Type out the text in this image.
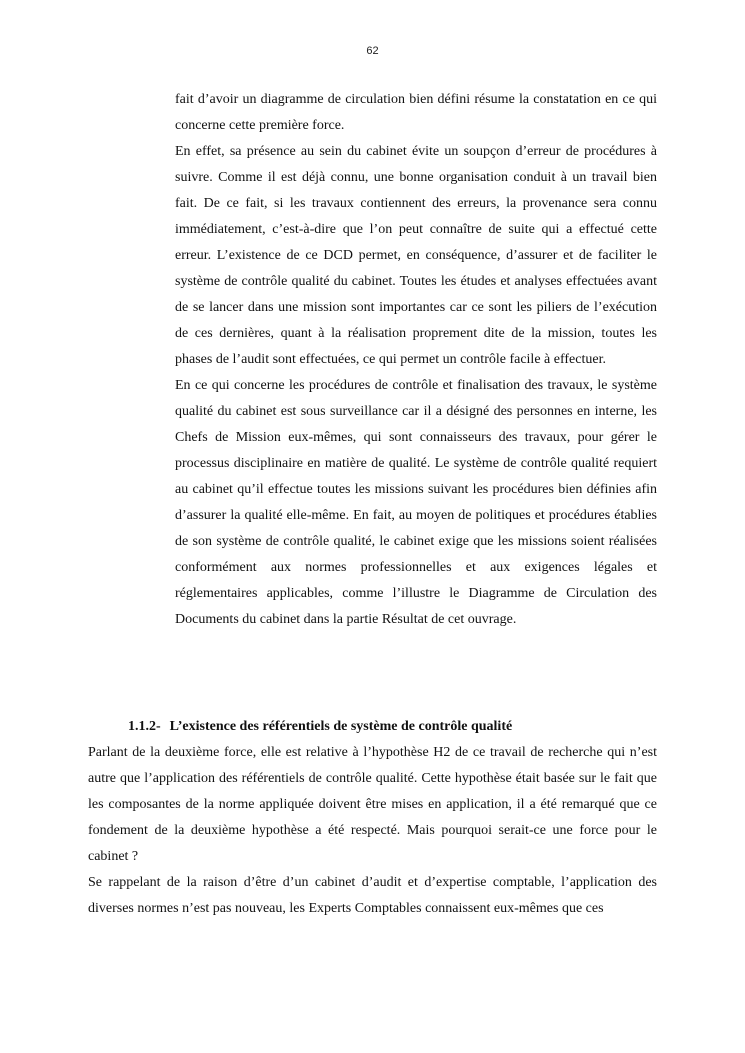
62

fait d’avoir un diagramme de circulation bien défini résume la constatation en ce qui concerne cette première force.

En effet, sa présence au sein du cabinet évite un soupçon d’erreur de procédures à suivre. Comme il est déjà connu, une bonne organisation conduit à un travail bien fait. De ce fait, si les travaux contiennent des erreurs, la provenance sera connu immédiatement, c’est-à-dire que l’on peut connaître de suite qui a effectué cette erreur. L’existence de ce DCD permet, en conséquence, d’assurer et de faciliter le système de contrôle qualité du cabinet. Toutes les études et analyses effectuées avant de se lancer dans une mission sont importantes car ce sont les piliers de l’exécution de ces dernières, quant à la réalisation proprement dite de la mission, toutes les phases de l’audit sont effectuées, ce qui permet un contrôle facile à effectuer.

En ce qui concerne les procédures de contrôle et finalisation des travaux, le système qualité du cabinet est sous surveillance car il a désigné des personnes en interne, les Chefs de Mission eux-mêmes, qui sont connaisseurs des travaux, pour gérer le processus disciplinaire en matière de qualité. Le système de contrôle qualité requiert au cabinet qu’il effectue toutes les missions suivant les procédures bien définies afin d’assurer la qualité elle-même. En fait, au moyen de politiques et procédures établies de son système de contrôle qualité, le cabinet exige que les missions soient réalisées conformément aux normes professionnelles et aux exigences légales et réglementaires applicables, comme l’illustre le Diagramme de Circulation des Documents du cabinet dans la partie Résultat de cet ouvrage.

1.1.2- L’existence des référentiels de système de contrôle qualité

Parlant de la deuxième force, elle est relative à l’hypothèse H2 de ce travail de recherche qui n’est autre que l’application des référentiels de contrôle qualité. Cette hypothèse était basée sur le fait que les composantes de la norme appliquée doivent être mises en application, il a été remarqué que ce fondement de la deuxième hypothèse a été respecté. Mais pourquoi serait-ce une force pour le cabinet ?

Se rappelant de la raison d’être d’un cabinet d’audit et d’expertise comptable, l’application des diverses normes n’est pas nouveau, les Experts Comptables connaissent eux-mêmes que ces
